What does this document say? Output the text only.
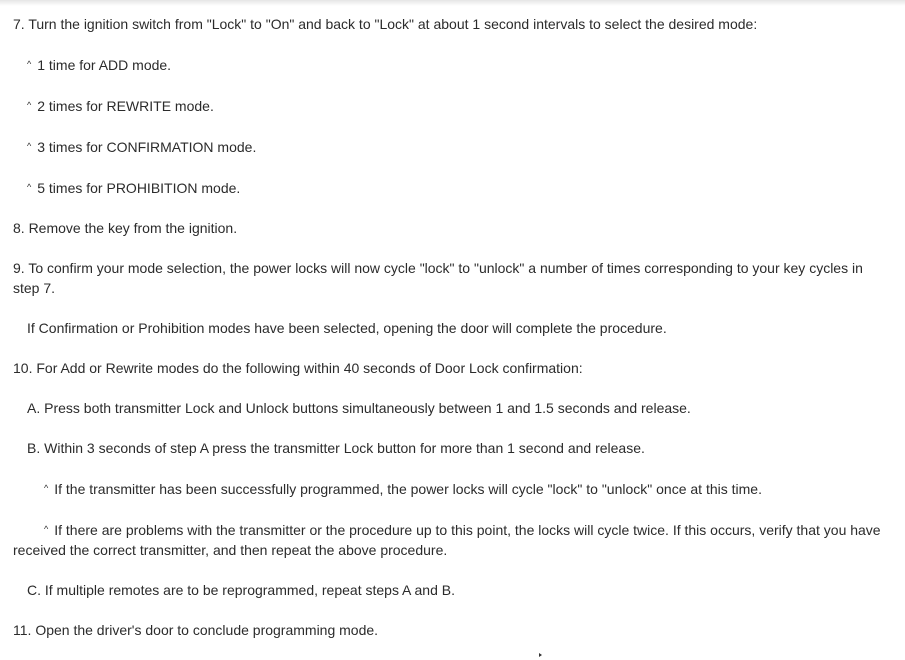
7. Turn the ignition switch from "Lock" to "On" and back to "Lock" at about 1 second intervals to select the desired mode:
^ 1 time for ADD mode.
^ 2 times for REWRITE mode.
^ 3 times for CONFIRMATION mode.
^ 5 times for PROHIBITION mode.
8. Remove the key from the ignition.
9. To confirm your mode selection, the power locks will now cycle "lock" to "unlock" a number of times corresponding to your key cycles in step 7.
If Confirmation or Prohibition modes have been selected, opening the door will complete the procedure.
10. For Add or Rewrite modes do the following within 40 seconds of Door Lock confirmation:
A. Press both transmitter Lock and Unlock buttons simultaneously between 1 and 1.5 seconds and release.
B. Within 3 seconds of step A press the transmitter Lock button for more than 1 second and release.
^ If the transmitter has been successfully programmed, the power locks will cycle "lock" to "unlock" once at this time.
^ If there are problems with the transmitter or the procedure up to this point, the locks will cycle twice. If this occurs, verify that you have received the correct transmitter, and then repeat the above procedure.
C. If multiple remotes are to be reprogrammed, repeat steps A and B.
11. Open the driver's door to conclude programming mode.
